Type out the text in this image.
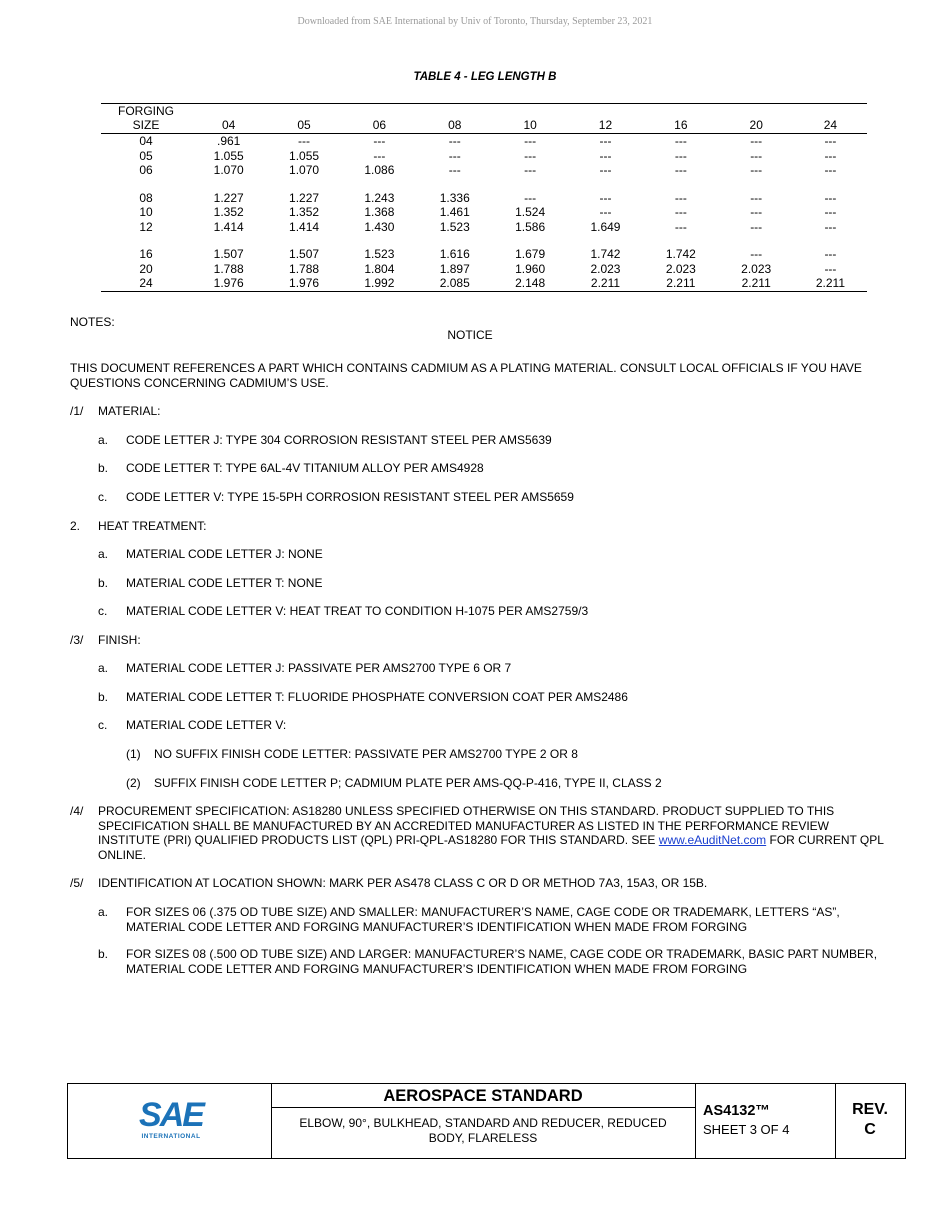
Downloaded from SAE International by Univ of Toronto, Thursday, September 23, 2021
TABLE 4 - LEG LENGTH B
FORGING									
SIZE	04	05	06	08	10	12	16	20	24
04	.961	---	---	---	---	---	---	---	---
05	1.055	1.055	---	---	---	---	---	---	---
06	1.070	1.070	1.086	---	---	---	---	---	---

08	1.227	1.227	1.243	1.336	---	---	---	---	---
10	1.352	1.352	1.368	1.461	1.524	---	---	---	---
12	1.414	1.414	1.430	1.523	1.586	1.649	---	---	---

16	1.507	1.507	1.523	1.616	1.679	1.742	1.742	---	---
20	1.788	1.788	1.804	1.897	1.960	2.023	2.023	2.023	---
24	1.976	1.976	1.992	2.085	2.148	2.211	2.211	2.211	2.211
NOTES:
NOTICE
THIS DOCUMENT REFERENCES A PART WHICH CONTAINS CADMIUM AS A PLATING MATERIAL. CONSULT LOCAL OFFICIALS IF YOU HAVE QUESTIONS CONCERNING CADMIUM’S USE.
/1/ MATERIAL:
a. CODE LETTER J: TYPE 304 CORROSION RESISTANT STEEL PER AMS5639
b. CODE LETTER T: TYPE 6AL-4V TITANIUM ALLOY PER AMS4928
c. CODE LETTER V: TYPE 15-5PH CORROSION RESISTANT STEEL PER AMS5659
2. HEAT TREATMENT:
a. MATERIAL CODE LETTER J: NONE
b. MATERIAL CODE LETTER T: NONE
c. MATERIAL CODE LETTER V: HEAT TREAT TO CONDITION H-1075 PER AMS2759/3
/3/ FINISH:
a. MATERIAL CODE LETTER J: PASSIVATE PER AMS2700 TYPE 6 OR 7
b. MATERIAL CODE LETTER T: FLUORIDE PHOSPHATE CONVERSION COAT PER AMS2486
c. MATERIAL CODE LETTER V:
(1) NO SUFFIX FINISH CODE LETTER: PASSIVATE PER AMS2700 TYPE 2 OR 8
(2) SUFFIX FINISH CODE LETTER P; CADMIUM PLATE PER AMS-QQ-P-416, TYPE II, CLASS 2
/4/ PROCUREMENT SPECIFICATION: AS18280 UNLESS SPECIFIED OTHERWISE ON THIS STANDARD. PRODUCT SUPPLIED TO THIS SPECIFICATION SHALL BE MANUFACTURED BY AN ACCREDITED MANUFACTURER AS LISTED IN THE PERFORMANCE REVIEW INSTITUTE (PRI) QUALIFIED PRODUCTS LIST (QPL) PRI-QPL-AS18280 FOR THIS STANDARD. SEE www.eAuditNet.com FOR CURRENT QPL ONLINE.
/5/ IDENTIFICATION AT LOCATION SHOWN: MARK PER AS478 CLASS C OR D OR METHOD 7A3, 15A3, OR 15B.
a. FOR SIZES 06 (.375 OD TUBE SIZE) AND SMALLER: MANUFACTURER’S NAME, CAGE CODE OR TRADEMARK, LETTERS “AS”, MATERIAL CODE LETTER AND FORGING MANUFACTURER’S IDENTIFICATION WHEN MADE FROM FORGING
b. FOR SIZES 08 (.500 OD TUBE SIZE) AND LARGER: MANUFACTURER’S NAME, CAGE CODE OR TRADEMARK, BASIC PART NUMBER, MATERIAL CODE LETTER AND FORGING MANUFACTURER’S IDENTIFICATION WHEN MADE FROM FORGING
SAE
INTERNATIONAL
AEROSPACE STANDARD
ELBOW, 90°, BULKHEAD, STANDARD AND REDUCER, REDUCED BODY, FLARELESS
AS4132™
SHEET 3 OF 4
REV.
C
